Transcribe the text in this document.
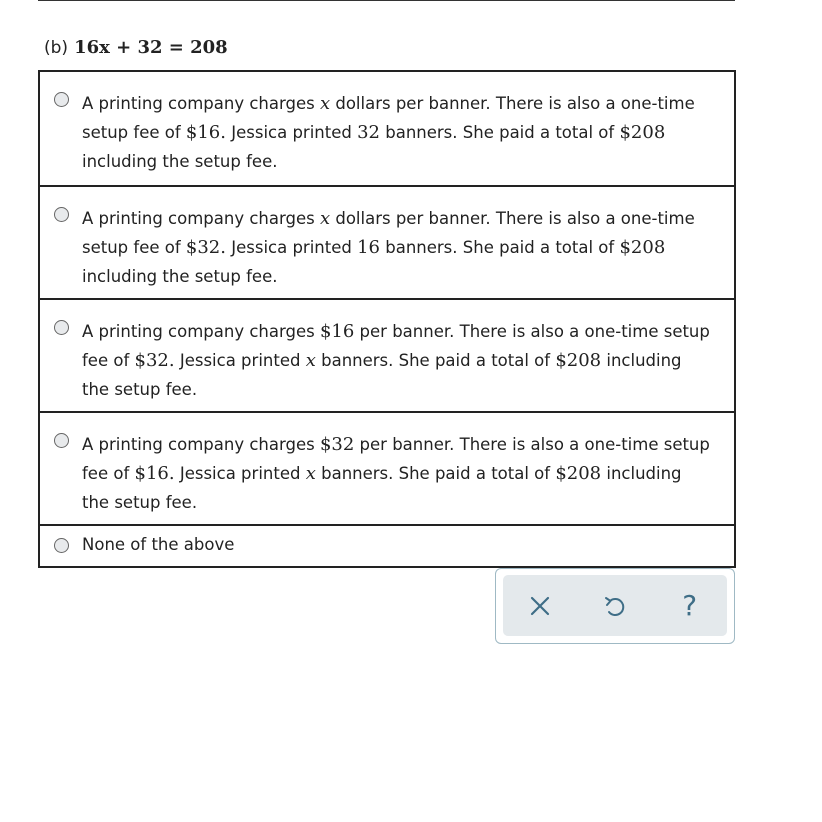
(b) 16x + 32 = 208
A printing company charges x dollars per banner. There is also a one-time
setup fee of $16. Jessica printed 32 banners. She paid a total of $208
including the setup fee.
A printing company charges x dollars per banner. There is also a one-time
setup fee of $32. Jessica printed 16 banners. She paid a total of $208
including the setup fee.
A printing company charges $16 per banner. There is also a one-time setup
fee of $32. Jessica printed x banners. She paid a total of $208 including
the setup fee.
A printing company charges $32 per banner. There is also a one-time setup
fee of $16. Jessica printed x banners. She paid a total of $208 including
the setup fee.
None of the above
?
